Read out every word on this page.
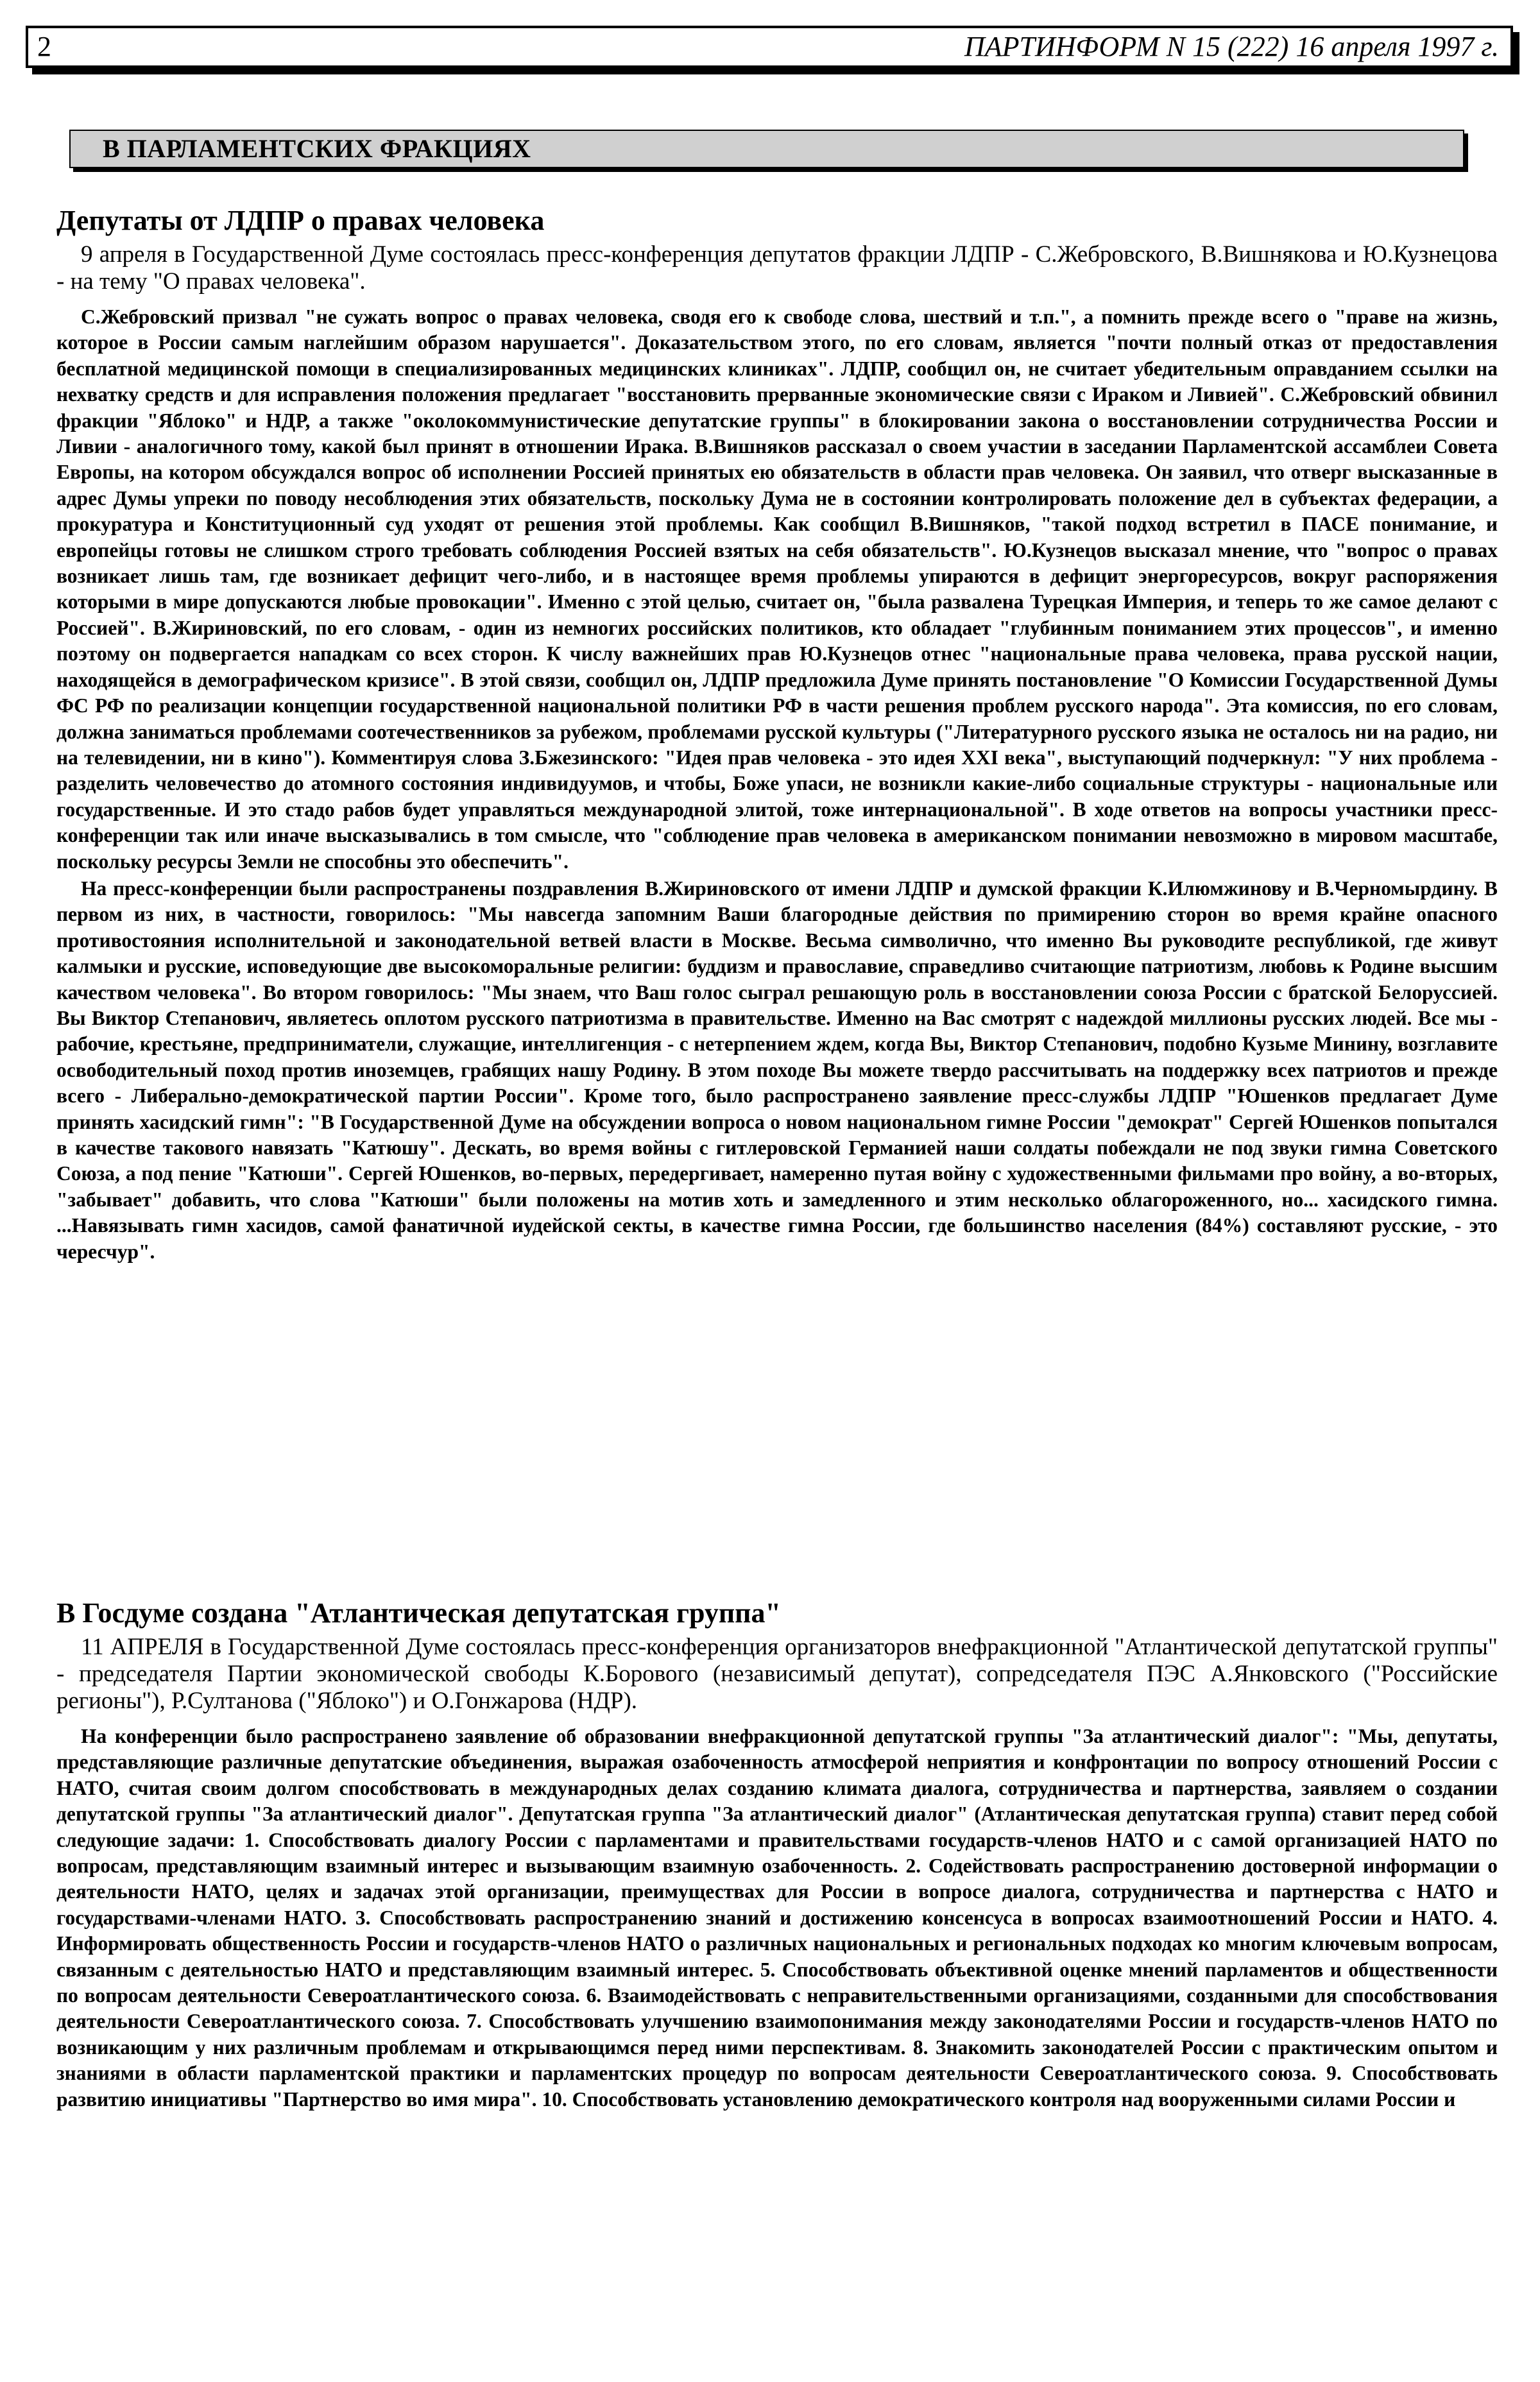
2	ПАРТИНФОРМ N 15 (222) 16 апреля 1997 г.
В ПАРЛАМЕНТСКИХ ФРАКЦИЯХ
Депутаты от ЛДПР о правах человека

9 апреля в Государственной Думе состоялась пресс-конференция депутатов фракции ЛДПР - С.Жебровского, В.Вишнякова и Ю.Кузнецова - на тему "О правах человека".

С.Жебровский призвал "не сужать вопрос о правах человека, сводя его к свободе слова, шествий и т.п.", а помнить прежде всего о "праве на жизнь, которое в России самым наглейшим образом нарушается". Доказательством этого, по его словам, является "почти полный отказ от предоставления бесплатной медицинской помощи в специализированных медицинских клиниках". ЛДПР, сообщил он, не считает убедительным оправданием ссылки на нехватку средств и для исправления положения предлагает "восстановить прерванные экономические связи с Ираком и Ливией". С.Жебровский обвинил фракции "Яблоко" и НДР, а также "околокоммунистические депутатские группы" в блокировании закона о восстановлении сотрудничества России и Ливии - аналогичного тому, какой был принят в отношении Ирака. В.Вишняков рассказал о своем участии в заседании Парламентской ассамблеи Совета Европы, на котором обсуждался вопрос об исполнении Россией принятых ею обязательств в области прав человека. Он заявил, что отверг высказанные в адрес Думы упреки по поводу несоблюдения этих обязательств, поскольку Дума не в состоянии контролировать положение дел в субъектах федерации, а прокуратура и Конституционный суд уходят от решения этой проблемы. Как сообщил В.Вишняков, "такой подход встретил в ПАСЕ понимание, и европейцы готовы не слишком строго требовать соблюдения Россией взятых на себя обязательств". Ю.Кузнецов высказал мнение, что "вопрос о правах возникает лишь там, где возникает дефицит чего-либо, и в настоящее время проблемы упираются в дефицит энергоресурсов, вокруг распоряжения которыми в мире допускаются любые провокации". Именно с этой целью, считает он, "была развалена Турецкая Империя, и теперь то же самое делают с Россией". В.Жириновский, по его словам, - один из немногих российских политиков, кто обладает "глубинным пониманием этих процессов", и именно поэтому он подвергается нападкам со всех сторон. К числу важнейших прав Ю.Кузнецов отнес "национальные права человека, права русской нации, находящейся в демографическом кризисе". В этой связи, сообщил он, ЛДПР предложила Думе принять постановление "О Комиссии Государственной Думы ФС РФ по реализации концепции государственной национальной политики РФ в части решения проблем русского народа". Эта комиссия, по его словам, должна заниматься проблемами соотечественников за рубежом, проблемами русской культуры ("Литературного русского языка не осталось ни на радио, ни на телевидении, ни в кино"). Комментируя слова З.Бжезинского: "Идея прав человека - это идея XXI века", выступающий подчеркнул: "У них проблема - разделить человечество до атомного состояния индивидуумов, и чтобы, Боже упаси, не возникли какие-либо социальные структуры - национальные или государственные. И это стадо рабов будет управляться международной элитой, тоже интернациональной". В ходе ответов на вопросы участники пресс-конференции так или иначе высказывались в том смысле, что "соблюдение прав человека в американском понимании невозможно в мировом масштабе, поскольку ресурсы Земли не способны это обеспечить".

На пресс-конференции были распространены поздравления В.Жириновского от имени ЛДПР и думской фракции К.Илюмжинову и В.Черномырдину. В первом из них, в частности, говорилось: "Мы навсегда запомним Ваши благородные действия по примирению сторон во время крайне опасного противостояния исполнительной и законодательной ветвей власти в Москве. Весьма символично, что именно Вы руководите республикой, где живут калмыки и русские, исповедующие две высокоморальные религии: буддизм и православие, справедливо считающие патриотизм, любовь к Родине высшим качеством человека". Во втором говорилось: "Мы знаем, что Ваш голос сыграл решающую роль в восстановлении союза России с братской Белоруссией. Вы Виктор Степанович, являетесь оплотом русского патриотизма в правительстве. Именно на Вас смотрят с надеждой миллионы русских людей. Все мы - рабочие, крестьяне, предприниматели, служащие, интеллигенция - с нетерпением ждем, когда Вы, Виктор Степанович, подобно Кузьме Минину, возглавите освободительный поход против иноземцев, грабящих нашу Родину. В этом походе Вы можете твердо рассчитывать на поддержку всех патриотов и прежде всего - Либерально-демократической партии России". Кроме того, было распространено заявление пресс-службы ЛДПР "Юшенков предлагает Думе принять хасидский гимн": "В Государственной Думе на обсуждении вопроса о новом национальном гимне России "демократ" Сергей Юшенков попытался в качестве такового навязать "Катюшу". Дескать, во время войны с гитлеровской Германией наши солдаты побеждали не под звуки гимна Советского Союза, а под пение "Катюши". Сергей Юшенков, во-первых, передергивает, намеренно путая войну с художественными фильмами про войну, а во-вторых, "забывает" добавить, что слова "Катюши" были положены на мотив хоть и замедленного и этим несколько облагороженного, но... хасидского гимна. ...Навязывать гимн хасидов, самой фанатичной иудейской секты, в качестве гимна России, где большинство населения (84%) составляют русские, - это чересчур".

В Госдуме создана "Атлантическая депутатская группа"

11 АПРЕЛЯ в Государственной Думе состоялась пресс-конференция организаторов внефракционной "Атлантической депутатской группы" - председателя Партии экономической свободы К.Борового (независимый депутат), сопредседателя ПЭС А.Янковского ("Российские регионы"), Р.Султанова ("Яблоко") и О.Гонжарова (НДР).

На конференции было распространено заявление об образовании внефракционной депутатской группы "За атлантический диалог": "Мы, депутаты, представляющие различные депутатские объединения, выражая озабоченность атмосферой неприятия и конфронтации по вопросу отношений России с НАТО, считая своим долгом способствовать в международных делах созданию климата диалога, сотрудничества и партнерства, заявляем о создании депутатской группы "За атлантический диалог". Депутатская группа "За атлантический диалог" (Атлантическая депутатская группа) ставит перед собой следующие задачи: 1. Способствовать диалогу России с парламентами и правительствами государств-членов НАТО и с самой организацией НАТО по вопросам, представляющим взаимный интерес и вызывающим взаимную озабоченность. 2. Содействовать распространению достоверной информации о деятельности НАТО, целях и задачах этой организации, преимуществах для России в вопросе диалога, сотрудничества и партнерства с НАТО и государствами-членами НАТО. 3. Способствовать распространению знаний и достижению консенсуса в вопросах взаимоотношений России и НАТО. 4. Информировать общественность России и государств-членов НАТО о различных национальных и региональных подходах ко многим ключевым вопросам, связанным с деятельностью НАТО и представляющим взаимный интерес. 5. Способствовать объективной оценке мнений парламентов и общественности по вопросам деятельности Североатлантического союза. 6. Взаимодействовать с неправительственными организациями, созданными для способствования деятельности Североатлантического союза. 7. Способствовать улучшению взаимопонимания между законодателями России и государств-членов НАТО по возникающим у них различным проблемам и открывающимся перед ними перспективам. 8. Знакомить законодателей России с практическим опытом и знаниями в области парламентской практики и парламентских процедур по вопросам деятельности Североатлантического союза. 9. Способствовать развитию инициативы "Партнерство во имя мира". 10. Способствовать установлению демократического контроля над вооруженными силами России и
